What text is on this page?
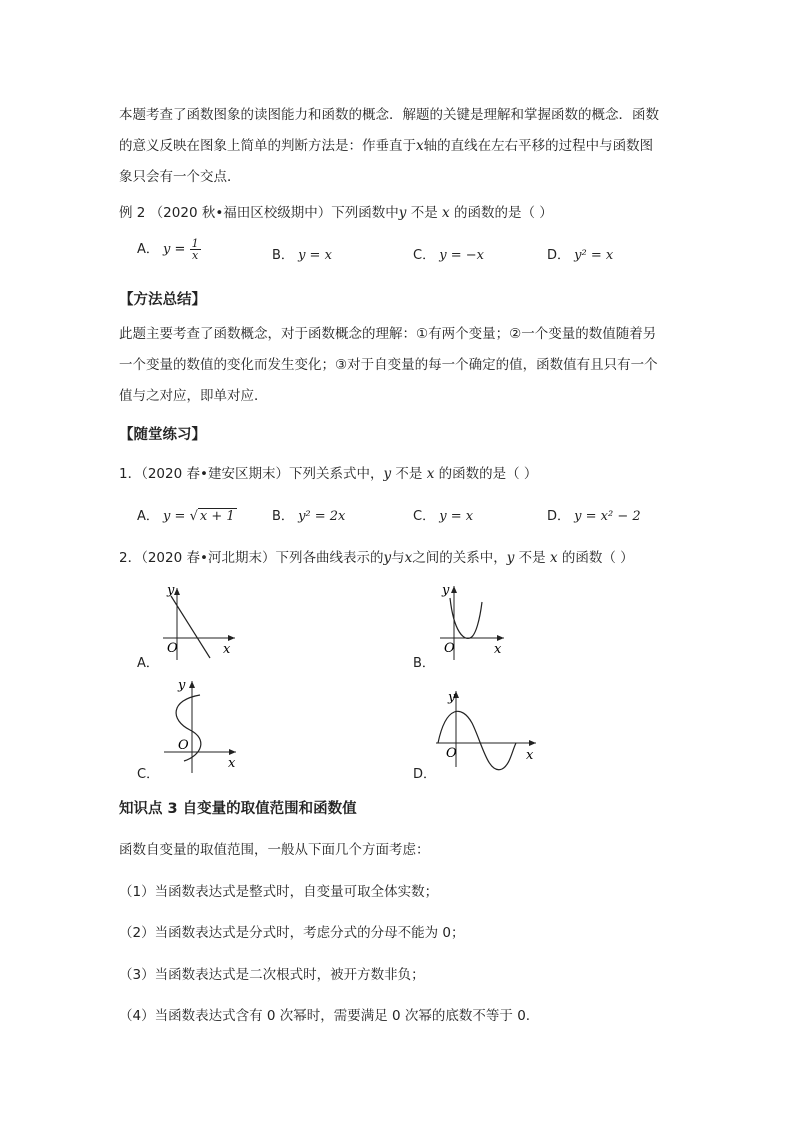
本题考查了函数图象的读图能力和函数的概念．解题的关键是理解和掌握函数的概念．函数
的意义反映在图象上简单的判断方法是：作垂直于x轴的直线在左右平移的过程中与函数图
象只会有一个交点．
例 2 （2020 秋•福田区校级期中）下列函数中y 不是 x 的函数的是（ ）
A． $y = \frac{1}{x}$	B． y = x	C． y = −x	D． y² = x
【方法总结】
此题主要考查了函数概念，对于函数概念的理解：①有两个变量；②一个变量的数值随着另
一个变量的数值的变化而发生变化；③对于自变量的每一个确定的值，函数值有且只有一个
值与之对应，即单对应．
【随堂练习】
1．（2020 春•建安区期末）下列关系式中，y 不是 x 的函数的是（ ）
A． y = √ x + 1	B． y² = 2x	C． y = x	D． y = x² − 2
2．（2020 春•河北期末）下列各曲线表示的y与x之间的关系中，y 不是 x 的函数（ ）
A．
y
O	x
B．
y
O	x
C．
y
O
x
D．
y
O	x
知识点 3 自变量的取值范围和函数值
函数自变量的取值范围，一般从下面几个方面考虑：
（1）当函数表达式是整式时，自变量可取全体实数；
（2）当函数表达式是分式时，考虑分式的分母不能为 0；
（3）当函数表达式是二次根式时，被开方数非负；
（4）当函数表达式含有 0 次幂时，需要满足 0 次幂的底数不等于 0.
